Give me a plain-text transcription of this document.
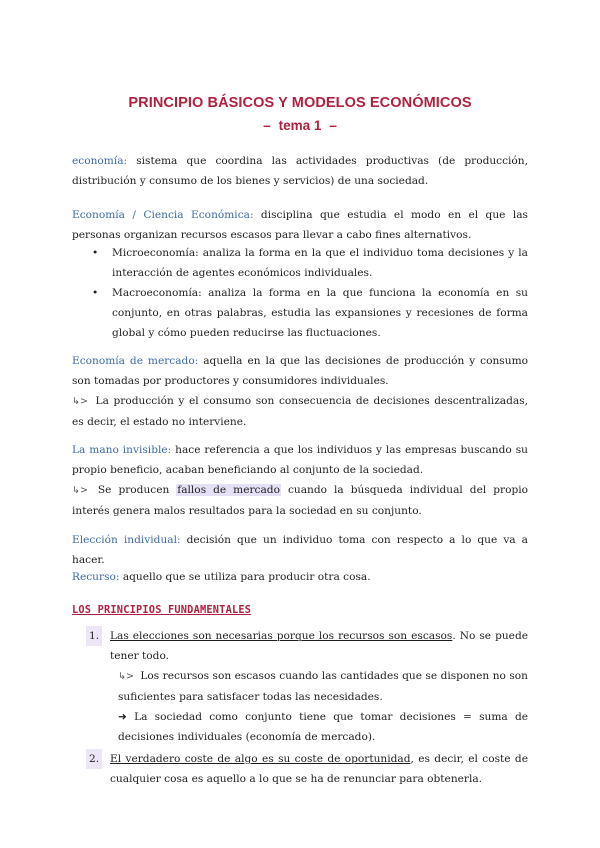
PRINCIPIO BÁSICOS Y MODELOS ECONÓMICOS
– tema 1 –
economía: sistema que coordina las actividades productivas (de producción, distribución y consumo de los bienes y servicios) de una sociedad.
Economía / Ciencia Económica: disciplina que estudia el modo en el que las personas organizan recursos escasos para llevar a cabo fines alternativos.
• Microeconomía: analiza la forma en la que el individuo toma decisiones y la interacción de agentes económicos individuales.
• Macroeconomía: analiza la forma en la que funciona la economía en su conjunto, en otras palabras, estudia las expansiones y recesiones de forma global y cómo pueden reducirse las fluctuaciones.
Economía de mercado: aquella en la que las decisiones de producción y consumo son tomadas por productores y consumidores individuales.
↳> La producción y el consumo son consecuencia de decisiones descentralizadas, es decir, el estado no interviene.
La mano invisible: hace referencia a que los individuos y las empresas buscando su propio beneficio, acaban beneficiando al conjunto de la sociedad.
↳> Se producen fallos de mercado cuando la búsqueda individual del propio interés genera malos resultados para la sociedad en su conjunto.
Elección individual: decisión que un individuo toma con respecto a lo que va a hacer.
Recurso: aquello que se utiliza para producir otra cosa.
LOS PRINCIPIOS FUNDAMENTALES
1. Las elecciones son necesarias porque los recursos son escasos. No se puede tener todo.
↳> Los recursos son escasos cuando las cantidades que se disponen no son suficientes para satisfacer todas las necesidades.
➜ La sociedad como conjunto tiene que tomar decisiones = suma de decisiones individuales (economía de mercado).
2. El verdadero coste de algo es su coste de oportunidad, es decir, el coste de cualquier cosa es aquello a lo que se ha de renunciar para obtenerla.
